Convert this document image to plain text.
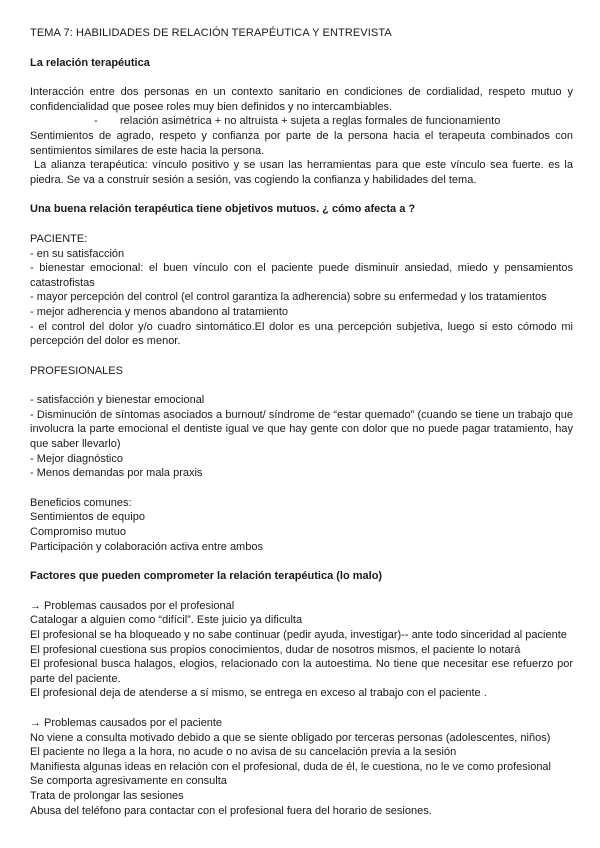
TEMA 7: HABILIDADES DE RELACIÓN TERAPÉUTICA Y ENTREVISTA

La relación terapéutica

Interacción entre dos personas en un contexto sanitario en condiciones de cordialidad, respeto mutuo y confidencialidad que posee roles muy bien definidos y no intercambiables.

- relación asimétrica + no altruista + sujeta a reglas formales de funcionamiento

Sentimientos de agrado, respeto y confianza por parte de la persona hacia el terapeuta combinados con sentimientos similares de este hacia la persona.

La alianza terapéutica: vínculo positivo y se usan las herramientas para que este vínculo sea fuerte. es la piedra. Se va a construir sesión a sesión, vas cogiendo la confianza y habilidades del tema.

Una buena relación terapéutica tiene objetivos mutuos. ¿ cómo afecta a ?

PACIENTE:

- en su satisfacción

- bienestar emocional: el buen vínculo con el paciente puede disminuir ansiedad, miedo y pensamientos catastrofistas

- mayor percepción del control (el control garantiza la adherencia) sobre su enfermedad y los tratamientos

- mejor adherencia y menos abandono al tratamiento

- el control del dolor y/o cuadro sintomático.El dolor es una percepción subjetiva, luego si esto cómodo mi percepción del dolor es menor.

PROFESIONALES

- satisfacción y bienestar emocional

- Disminución de síntomas asociados a burnout/ síndrome de “estar quemado” (cuando se tiene un trabajo que involucra la parte emocional el dentiste igual ve que hay gente con dolor que no puede pagar tratamiento, hay que saber llevarlo)

- Mejor diagnóstico

- Menos demandas por mala praxis

Beneficios comunes:

Sentimientos de equipo

Compromiso mutuo

Participación y colaboración activa entre ambos

Factores que pueden comprometer la relación terapéutica (lo malo)

→ Problemas causados por el profesional

Catalogar a alguien como “difícil”. Este juicio ya dificulta

El profesional se ha bloqueado y no sabe continuar (pedir ayuda, investigar)-- ante todo sinceridad al paciente

El profesional cuestiona sus propios conocimientos, dudar de nosotros mismos, el paciente lo notará

El profesional busca halagos, elogios, relacionado con la autoestima. No tiene que necesitar ese refuerzo por parte del paciente.

El profesional deja de atenderse a sí mismo, se entrega en exceso al trabajo con el paciente .

→ Problemas causados por el paciente

No viene a consulta motivado debido a que se siente obligado por terceras personas (adolescentes, niños)

El paciente no llega a la hora, no acude o no avisa de su cancelación previa a la sesión

Manifiesta algunas ideas en relación con el profesional, duda de él, le cuestiona, no le ve como profesional

Se comporta agresivamente en consulta

Trata de prolongar las sesiones

Abusa del teléfono para contactar con el profesional fuera del horario de sesiones.
